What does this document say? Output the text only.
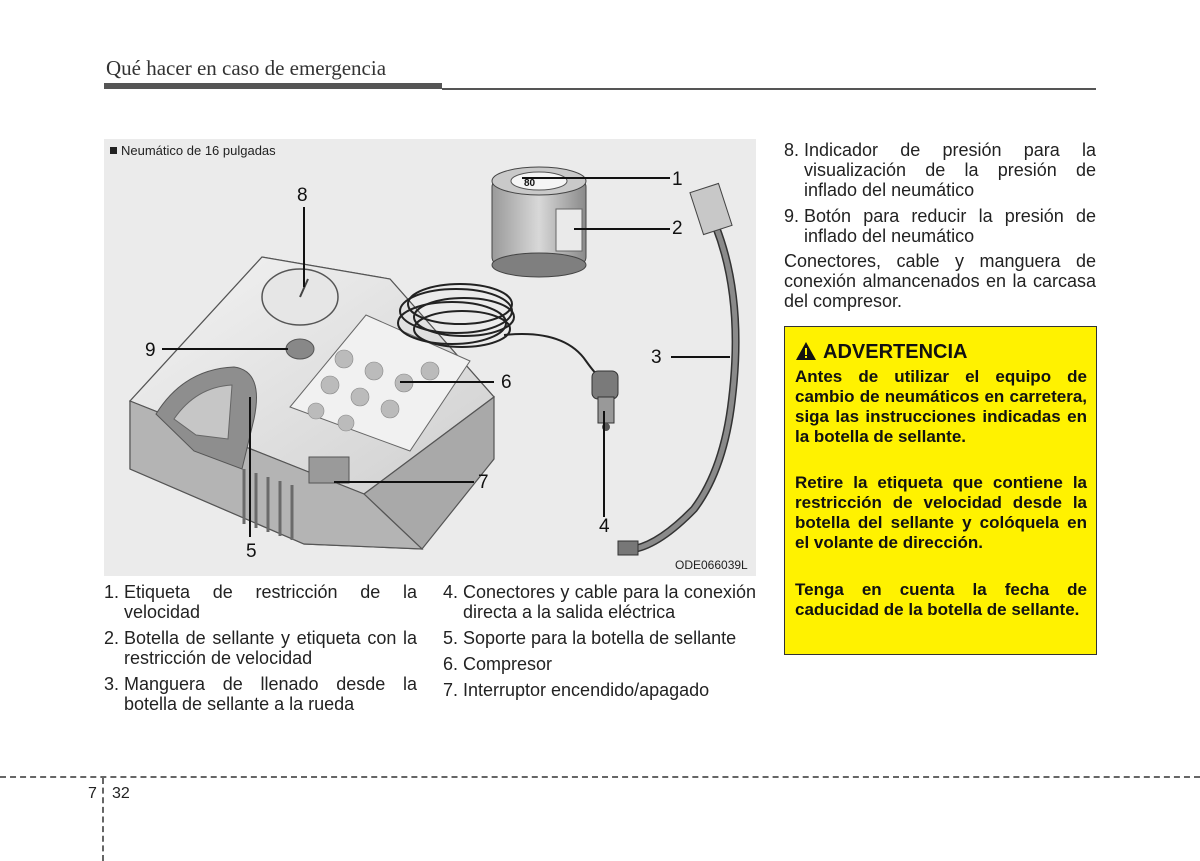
Qué hacer en caso de emergencia
Neumático de 16 pulgadas
80	1
2
3
4
5
6
7
8
9
ODE066039L
1. Etiqueta de restricción de la velocidad
2. Botella de sellante y etiqueta con la restricción de velocidad
3. Manguera de llenado desde la botella de sellante a la rueda
4. Conectores y cable para la conexión directa a la salida eléctrica
5. Soporte para la botella de sellante
6. Compresor
7. Interruptor encendido/apagado
8. Indicador de presión para la visualización de la presión de inflado del neumático
9. Botón para reducir la presión de inflado del neumático
Conectores, cable y manguera de conexión almancenados en la carcasa del compresor.
ADVERTENCIA
Antes de utilizar el equipo de cambio de neumáticos en carretera, siga las instrucciones indicadas en la botella de sellante.
Retire la etiqueta que contiene la restricción de velocidad desde la botella del sellante y colóquela en el volante de dirección.
Tenga en cuenta la fecha de caducidad de la botella de sellante.
7 32
